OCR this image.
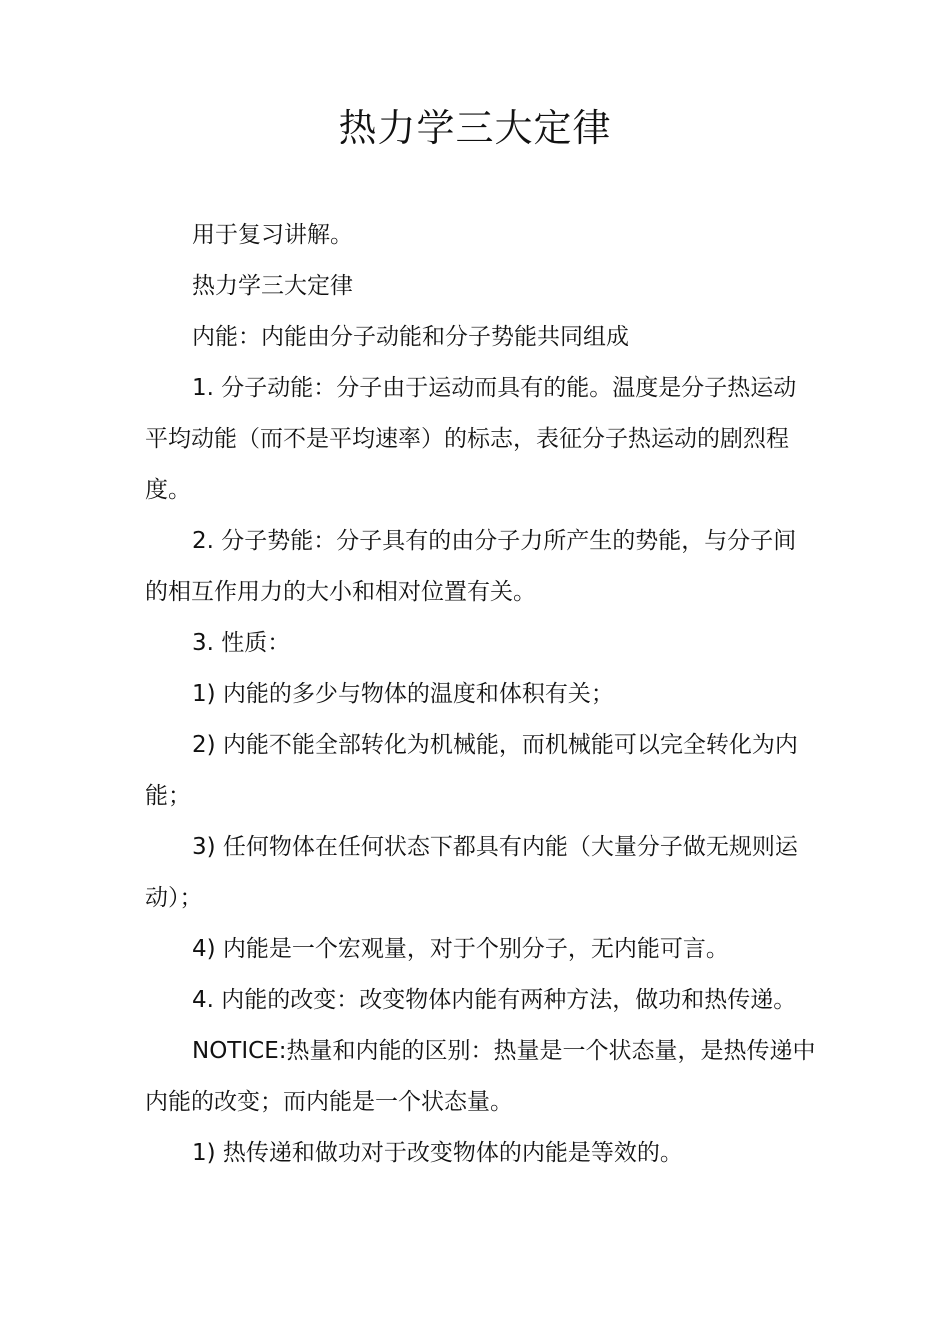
热力学三大定律

用于复习讲解。

热力学三大定律

内能：内能由分子动能和分子势能共同组成

1. 分子动能：分子由于运动而具有的能。温度是分子热运动平均动能（而不是平均速率）的标志，表征分子热运动的剧烈程度。

2. 分子势能：分子具有的由分子力所产生的势能，与分子间的相互作用力的大小和相对位置有关。

3. 性质：

1) 内能的多少与物体的温度和体积有关；

2) 内能不能全部转化为机械能，而机械能可以完全转化为内能；

3) 任何物体在任何状态下都具有内能（大量分子做无规则运动）；

4) 内能是一个宏观量，对于个别分子，无内能可言。

4. 内能的改变：改变物体内能有两种方法，做功和热传递。

NOTICE:热量和内能的区别：热量是一个状态量，是热传递中内能的改变；而内能是一个状态量。

1) 热传递和做功对于改变物体的内能是等效的。
